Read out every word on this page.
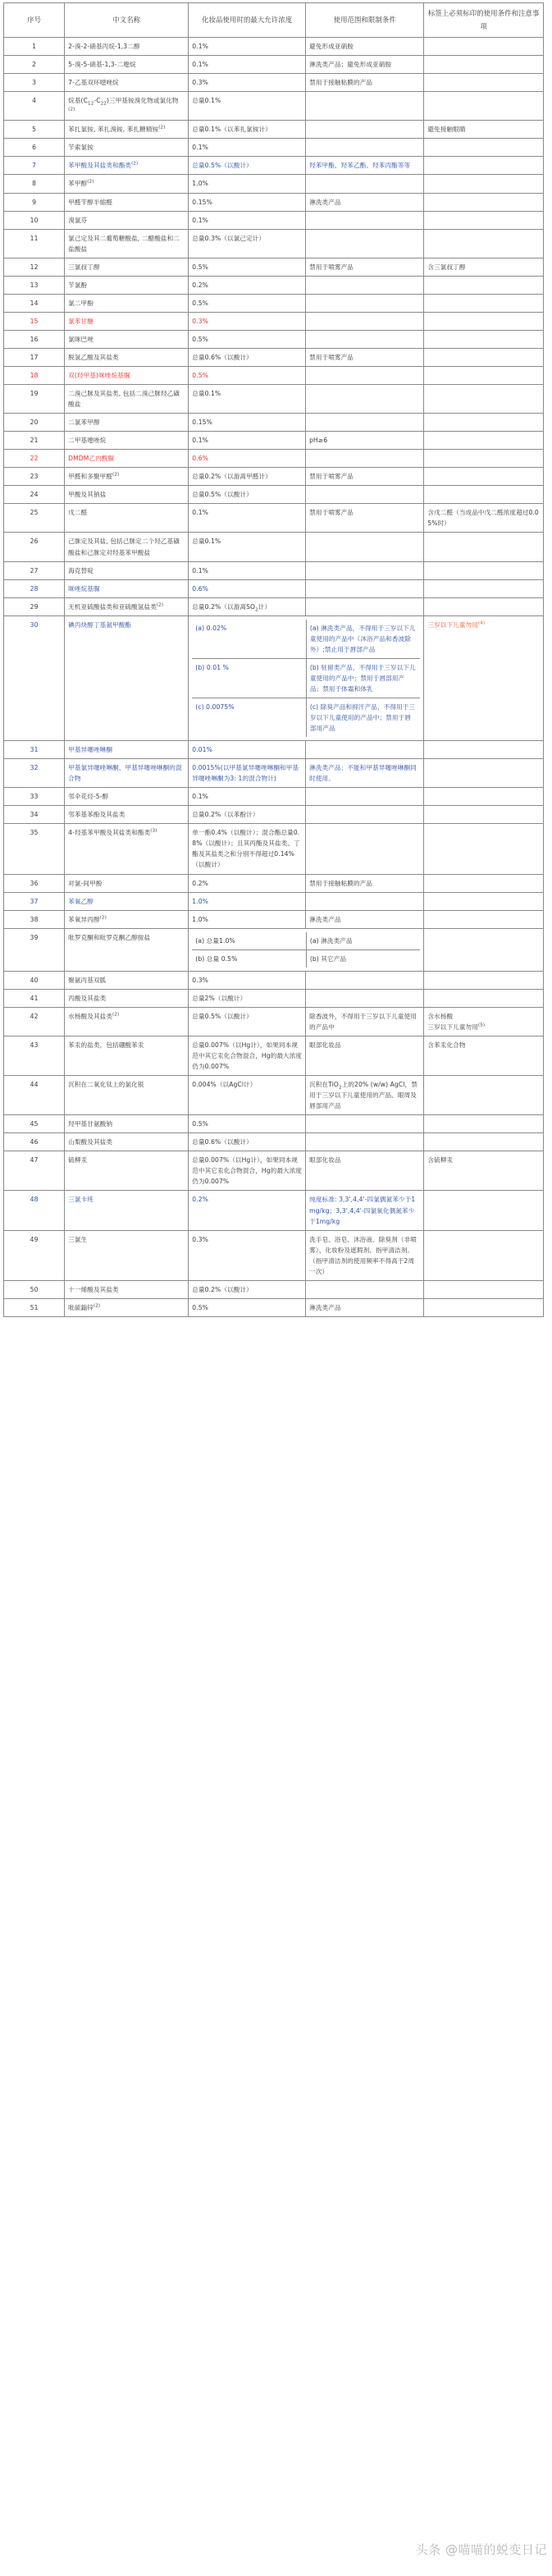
序号	中文名称	化妆品使用时的最大允许浓度	使用范围和限制条件	标签上必须标印的使用条件和注意事项
1	2-溴-2-硝基丙烷-1,3二醇	0.1%	避免形成亚硝胺	
2	5-溴-5-硝基-1,3-二噁烷	0.1%	淋洗类产品；避免形成亚硝胺	
3	7-乙基双环噁唑烷	0.3%	禁用于接触粘膜的产品	
4	烷基$(C_{12}-C_{22})$三甲基铵溴化物或氯化物$^{(2)}$	总量0.1%		
5	苯扎氯铵, 苯扎溴铵, 苯扎糖精铵$^{(2)}$	总量0.1%（以苯扎氯铵计）		避免接触眼睛
6	苄索氯铵	0.1%		
7	苯甲酸及其盐类和酯类$^{(2)}$	总量0.5%（以酸计）	羟苯甲酯、羟苯乙酯、羟苯丙酯等等	
8	苯甲醇$^{(2)}$	1.0%		
9	甲醛苄醇半缩醛	0.15%	淋洗类产品	
10	溴氯芬	0.1%		
11	氯己定及其二葡萄糖酸盐, 二醋酸盐和二盐酸盐	总量0.3%（以氯己定计）		
12	三氯叔丁醇	0.5%	禁用于喷雾产品	含三氯叔丁醇
13	苄氯酚	0.2%		
14	氯二甲酚	0.5%		
15	氯苯甘醚	0.3%		
16	氯咪巴唑	0.5%		
17	脱氢乙酸及其盐类	总量0.6%（以酸计）	禁用于喷雾产品	
18	双(羟甲基)咪唑烷基脲	0.5%		
19	二溴己脒及其盐类, 包括二溴己脒羟乙磺酸盐	总量0.1%		
20	二氯苯甲醇	0.15%		
21	二甲基噁唑烷	0.1%	pH≥6	
22	DMDM乙内酰脲	0.6%		
23	甲醛和多聚甲醛$^{(2)}$	总量0.2%（以游离甲醛计）	禁用于喷雾产品	
24	甲酸及其钠盐	总量0.5%（以酸计）		
25	戊二醛	0.1%	禁用于喷雾产品	含戊二醛（当成品中戊二醛浓度超过0.05%时）
26	己脒定及其盐, 包括己脒定二个羟乙基磺酸盐和己脒定对羟基苯甲酸盐	总量0.1%		
27	海克替啶	0.1%		
28	咪唑烷基脲	0.6%		
29	无机亚硫酸盐类和亚硫酸氢盐类$^{(2)}$	总量0.2%（以游离$SO_2$计）		
30	碘丙炔醇丁基氨甲酸酯	(a) 0.02%	(a) 淋洗类产品，不得用于三岁以下儿童使用的产品中（沐浴产品和香波除外）;禁止用于唇部产品
(b) 0.01 %	(b) 驻留类产品，不得用于三岁以下儿童使用的产品中；禁用于唇部用产品；禁用于体霜和体乳
(c) 0.0075%	(c) 除臭产品和抑汗产品，不得用于三岁以下儿童使用的产品中；禁用于唇部用产品		三岁以下儿童勿用$^{(4)}$
31	甲基异噻唑啉酮	0.01%		
32	甲基氯异噻唑啉酮、甲基异噻唑啉酮的混合物	0.0015%(以甲基氯异噻唑啉酮和甲基异噻唑啉酮为3: 1的混合物计)	淋洗类产品；不能和甲基异噻唑啉酮同时使用。	
33	邻伞花烃-5-醇	0.1%		
34	邻苯基苯酚及其盐类	总量0.2%（以苯酚计）		
35	4-羟基苯甲酸及其盐类和酯类$^{(3)}$	单一酯0.4%（以酸计）；混合酯总量0.8%（以酸计）；且其丙酯及其盐类、丁酯及其盐类之和分别不得超过0.14%（以酸计）		
36	对氯-间甲酚	0.2%	禁用于接触粘膜的产品	
37	苯氧乙醇	1.0%		
38	苯氧异丙醇$^{(2)}$	1.0%	淋洗类产品	
39	吡罗克酮和吡罗克酮乙醇胺盐	(a) 总量1.0%	(a) 淋洗类产品
(b) 总量 0.5%	(b) 其它产品	

40	聚氨丙基双胍	0.3%		
41	丙酸及其盐类	总量2%（以酸计）		
42	水杨酸及其盐类$^{(2)}$	总量0.5%（以酸计）	除香波外，不得用于三岁以下儿童使用的产品中	含水杨酸
三岁以下儿童勿用$^{(5)}$
43	苯汞的盐类，包括硼酸苯汞	总量0.007%（以Hg计），如果同本规范中其它汞化合物混合，Hg的最大浓度仍为0.007%	眼部化妆品	含苯汞化合物
44	沉积在二氧化钛上的氯化银	0.004%（以AgCl计）	沉积在TiO$_2$上的20% (w/w) AgCl，禁用于三岁以下儿童使用的产品、眼周及唇部用产品	
45	羟甲基甘氨酸钠	0.5%		
46	山梨酸及其盐类	总量0.6%（以酸计）		
47	硫柳汞	总量0.007%（以Hg计），如果同本规范中其它汞化合物混合，Hg的最大浓度仍为0.007%	眼部化妆品	含硫柳汞
48	三氯卡班	0.2%	纯度标准: 3,3',4,4'-四氯偶氮苯少于1mg/kg；3,3',4,4'-四氯氧化偶氮苯少于1mg/kg	
49	三氯生	0.3%	洗手皂、浴皂、沐浴液、除臭剂（非喷雾）、化妆粉及遮瑕剂、指甲清洁剂。（指甲清洁剂的使用频率不得高于2周一次）	
50	十一烯酸及其盐类	总量0.2%（以酸计）		
51	吡硫鎓锌$^{(2)}$	0.5%	淋洗类产品	
头条 @喵喵的蜕变日记
